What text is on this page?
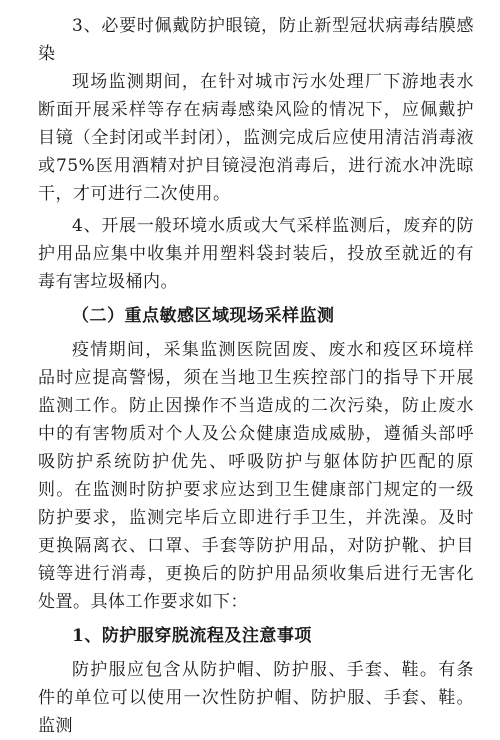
3、必要时佩戴防护眼镜，防止新型冠状病毒结膜感染

现场监测期间，在针对城市污水处理厂下游地表水断面开展采样等存在病毒感染风险的情况下，应佩戴护目镜（全封闭或半封闭），监测完成后应使用清洁消毒液或75%医用酒精对护目镜浸泡消毒后，进行流水冲洗晾干，才可进行二次使用。

4、开展一般环境水质或大气采样监测后，废弃的防护用品应集中收集并用塑料袋封装后，投放至就近的有毒有害垃圾桶内。

（二）重点敏感区域现场采样监测

疫情期间，采集监测医院固废、废水和疫区环境样品时应提高警惕，须在当地卫生疾控部门的指导下开展监测工作。防止因操作不当造成的二次污染，防止废水中的有害物质对个人及公众健康造成威胁，遵循头部呼吸防护系统防护优先、呼吸防护与躯体防护匹配的原则。在监测时防护要求应达到卫生健康部门规定的一级防护要求，监测完毕后立即进行手卫生，并洗澡。及时更换隔离衣、口罩、手套等防护用品，对防护靴、护目镜等进行消毒，更换后的防护用品须收集后进行无害化处置。具体工作要求如下：

1、防护服穿脱流程及注意事项

防护服应包含从防护帽、防护服、手套、鞋。有条件的单位可以使用一次性防护帽、防护服、手套、鞋。监测
